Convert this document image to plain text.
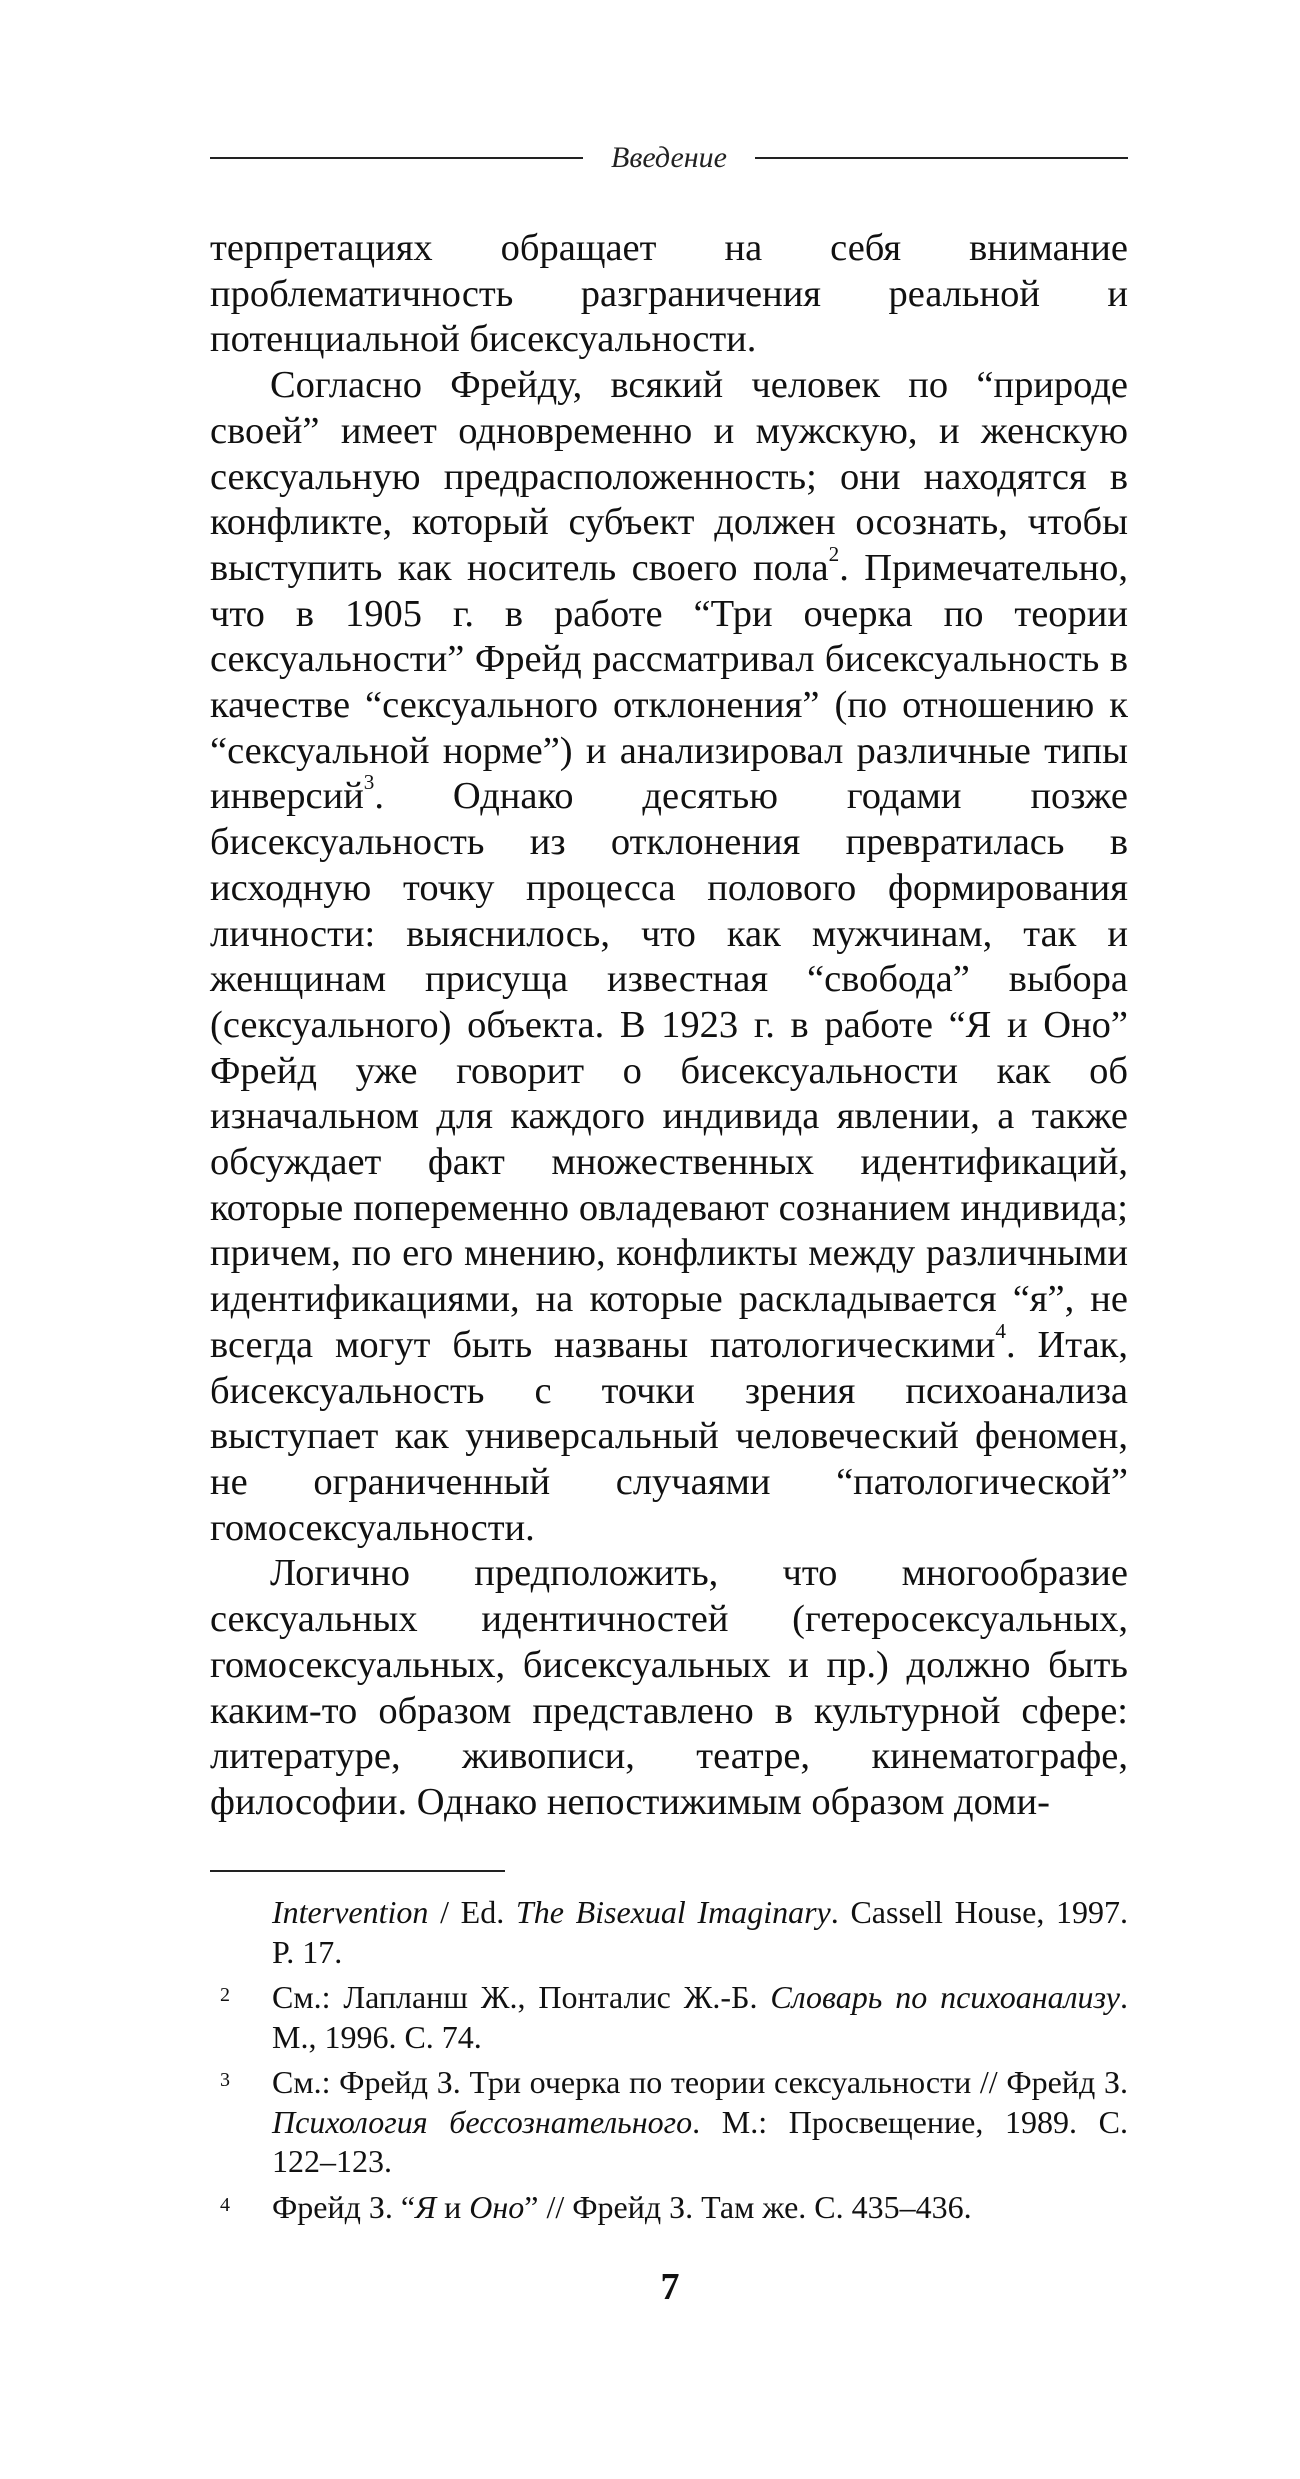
Введение

терпретациях обращает на себя внимание проблематичность разграничения реальной и потенциальной бисексуальности.

Согласно Фрейду, всякий человек по “природе своей” имеет одновременно и мужскую, и женскую сексуальную предрасположенность; они находятся в конфликте, который субъект должен осознать, чтобы выступить как носитель своего пола$^2$. Примечательно, что в 1905 г. в работе “Три очерка по теории сексуальности” Фрейд рассматривал бисексуальность в качестве “сексуального отклонения” (по отношению к “сексуальной норме”) и анализировал различные типы инверсий$^3$. Однако десятью годами позже бисексуальность из отклонения превратилась в исходную точку процесса полового формирования личности: выяснилось, что как мужчинам, так и женщинам присуща известная “свобода” выбора (сексуального) объекта. В 1923 г. в работе “Я и Оно” Фрейд уже говорит о бисексуальности как об изначальном для каждого индивида явлении, а также обсуждает факт множественных идентификаций, которые попеременно овладевают сознанием индивида; причем, по его мнению, конфликты между различными идентификациями, на которые раскладывается “я”, не всегда могут быть названы патологическими$^4$. Итак, бисексуальность с точки зрения психоанализа выступает как универсальный человеческий феномен, не ограниченный случаями “патологической” гомосексуальности.

Логично предположить, что многообразие сексуальных идентичностей (гетеросексуальных, гомосексуальных, бисексуальных и пр.) должно быть каким-то образом представлено в культурной сфере: литературе, живописи, театре, кинематографе, философии. Однако непостижимым образом доми-

Intervention / Ed. The Bisexual Imaginary. Cassell House, 1997. P. 17.
2	См.: Лапланш Ж., Понталис Ж.-Б. Словарь по психоанализу. М., 1996. С. 74.
3	См.: Фрейд З. Три очерка по теории сексуальности // Фрейд З. Психология бессознательного. М.: Просвещение, 1989. С. 122–123.
4	Фрейд З. “Я и Оно” // Фрейд З. Там же. С. 435–436.
7
